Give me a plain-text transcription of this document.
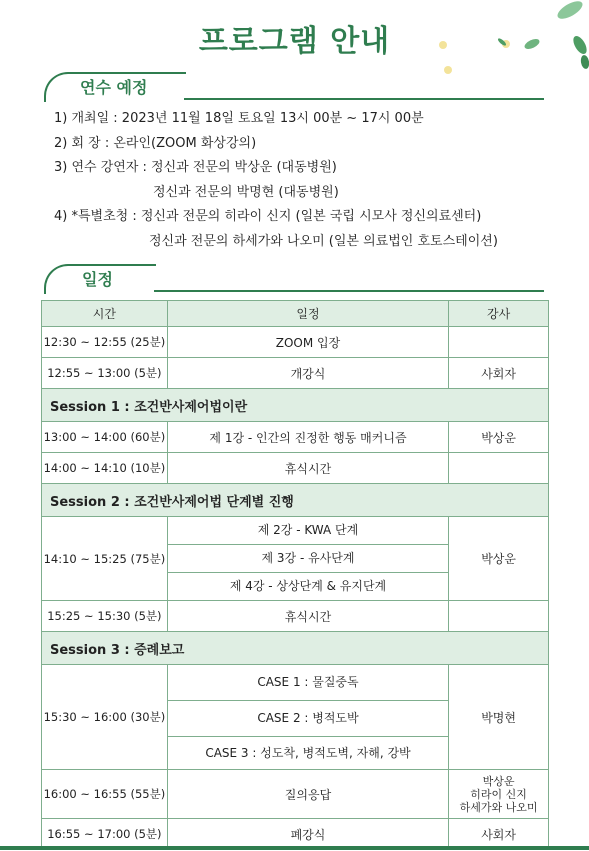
프로그램 안내
연수 예정
1) 개최일 : 2023년 11월 18일 토요일 13시 00분 ~ 17시 00분
2) 회 장 : 온라인(ZOOM 화상강의)
3) 연수 강연자 : 정신과 전문의 박상운 (대동병원)
정신과 전문의 박명현 (대동병원)
4) *특별초청 : 정신과 전문의 히라이 신지 (일본 국립 시모사 정신의료센터)
정신과 전문의 하세가와 나오미 (일본 의료법인 호토스테이션)
일정
시간	일정	강사
12:30 ~ 12:55 (25분)	ZOOM 입장	
12:55 ~ 13:00 (5분)	개강식	사회자
Session 1 : 조건반사제어법이란		
13:00 ~ 14:00 (60분)	제 1강 - 인간의 진정한 행동 매커니즘	박상운
14:00 ~ 14:10 (10분)	휴식시간	
Session 2 : 조건반사제어법 단계별 진행		
14:10 ~ 15:25 (75분)	제 2강 - KWA 단계
제 3강 - 유사단계
제 4강 - 상상단계 & 유지단계	박상운
15:25 ~ 15:30 (5분)	휴식시간	
Session 3 : 증례보고		
15:30 ~ 16:00 (30분)	CASE 1 : 물질중독
CASE 2 : 병적도박
CASE 3 : 성도착, 병적도벽, 자해, 강박	박명현
16:00 ~ 16:55 (55분)	질의응답	박상운
히라이 신지
하세가와 나오미

16:55 ~ 17:00 (5분)	폐강식	사회자
